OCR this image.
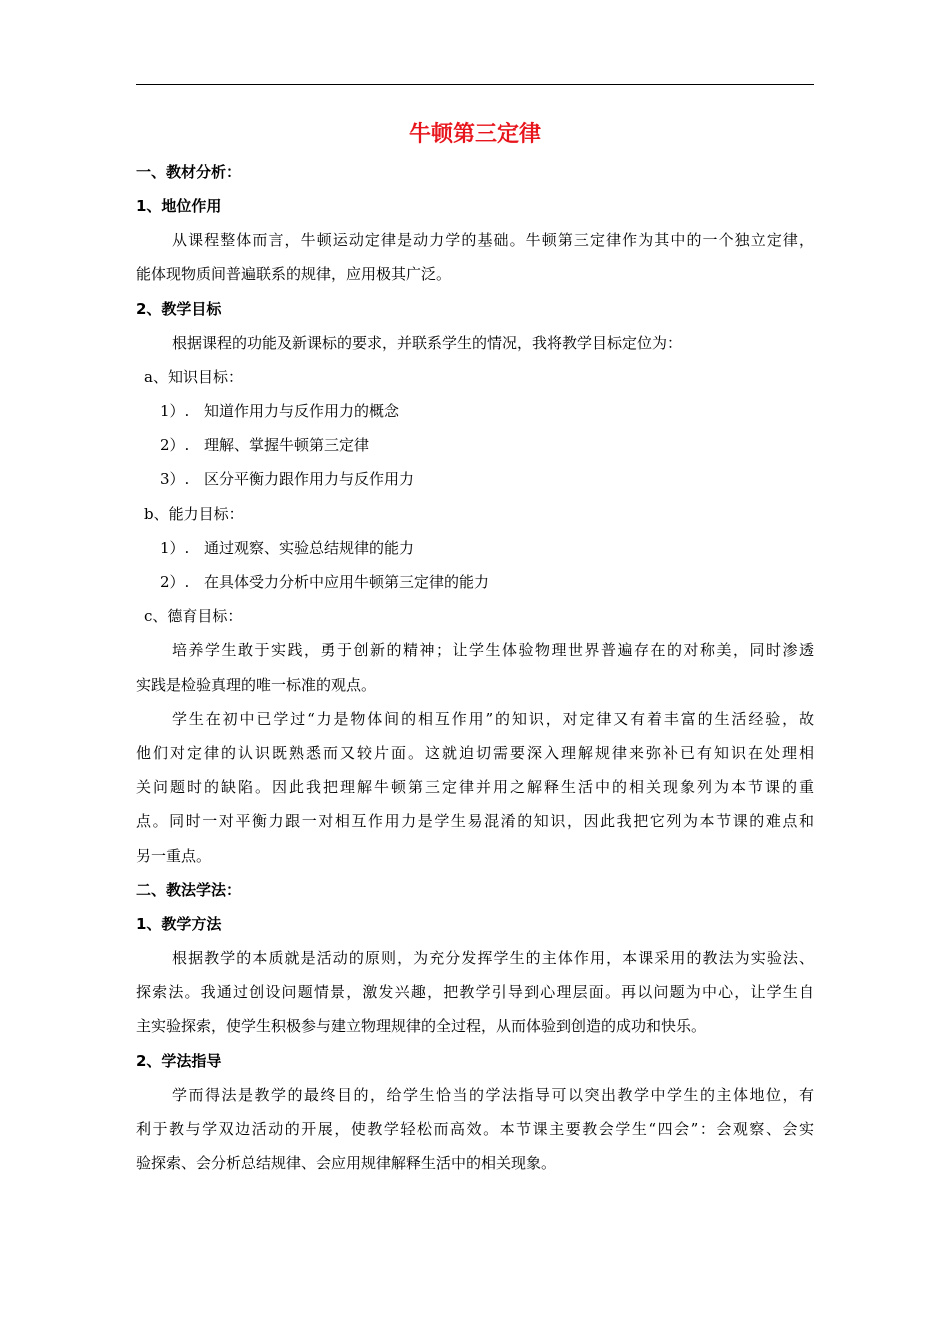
牛顿第三定律
一、教材分析：
1、地位作用
从课程整体而言，牛顿运动定律是动力学的基础。牛顿第三定律作为其中的一个独立定律，
能体现物质间普遍联系的规律，应用极其广泛。
2、教学目标
根据课程的功能及新课标的要求，并联系学生的情况，我将教学目标定位为：
a、知识目标：
1）. 知道作用力与反作用力的概念
2）. 理解、掌握牛顿第三定律
3）. 区分平衡力跟作用力与反作用力
b、能力目标：
1）. 通过观察、实验总结规律的能力
2）. 在具体受力分析中应用牛顿第三定律的能力
c、德育目标：
培养学生敢于实践，勇于创新的精神；让学生体验物理世界普遍存在的对称美，同时渗透
实践是检验真理的唯一标准的观点。
学生在初中已学过“力是物体间的相互作用”的知识，对定律又有着丰富的生活经验，故
他们对定律的认识既熟悉而又较片面。这就迫切需要深入理解规律来弥补已有知识在处理相
关问题时的缺陷。因此我把理解牛顿第三定律并用之解释生活中的相关现象列为本节课的重
点。同时一对平衡力跟一对相互作用力是学生易混淆的知识，因此我把它列为本节课的难点和
另一重点。
二、教法学法：
1、教学方法
根据教学的本质就是活动的原则，为充分发挥学生的主体作用，本课采用的教法为实验法、
探索法。我通过创设问题情景，激发兴趣，把教学引导到心理层面。再以问题为中心，让学生自
主实验探索，使学生积极参与建立物理规律的全过程，从而体验到创造的成功和快乐。
2、学法指导
学而得法是教学的最终目的，给学生恰当的学法指导可以突出教学中学生的主体地位，有
利于教与学双边活动的开展，使教学轻松而高效。本节课主要教会学生“四会”：会观察、会实
验探索、会分析总结规律、会应用规律解释生活中的相关现象。
